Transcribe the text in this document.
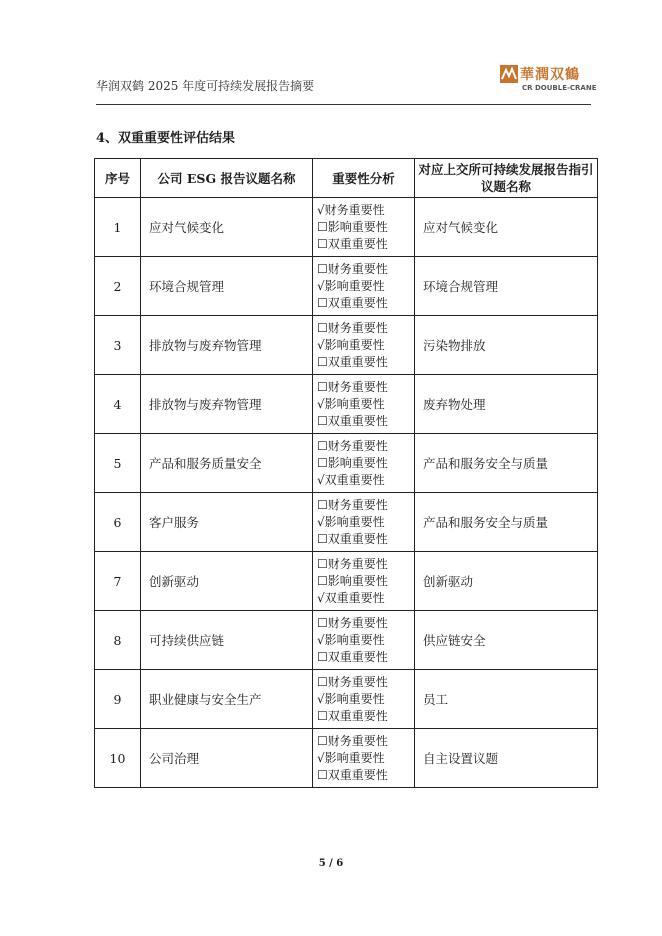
华润双鹤 2025 年度可持续发展报告摘要
華潤双鶴
CR DOUBLE-CRANE
4、双重重要性评估结果
序号	公司 ESG 报告议题名称	重要性分析	对应上交所可持续发展报告指引议题名称
1	应对气候变化	√财务重要性
☐影响重要性
☐双重重要性	应对气候变化
2	环境合规管理	☐财务重要性
√影响重要性
☐双重重要性	环境合规管理
3	排放物与废弃物管理	☐财务重要性
√影响重要性
☐双重重要性	污染物排放
4	排放物与废弃物管理	☐财务重要性
√影响重要性
☐双重重要性	废弃物处理
5	产品和服务质量安全	☐财务重要性
☐影响重要性
√双重重要性	产品和服务安全与质量
6	客户服务	☐财务重要性
√影响重要性
☐双重重要性	产品和服务安全与质量
7	创新驱动	☐财务重要性
☐影响重要性
√双重重要性	创新驱动
8	可持续供应链	☐财务重要性
√影响重要性
☐双重重要性	供应链安全
9	职业健康与安全生产	☐财务重要性
√影响重要性
☐双重重要性	员工
10	公司治理	☐财务重要性
√影响重要性
☐双重重要性	自主设置议题
5 / 6
